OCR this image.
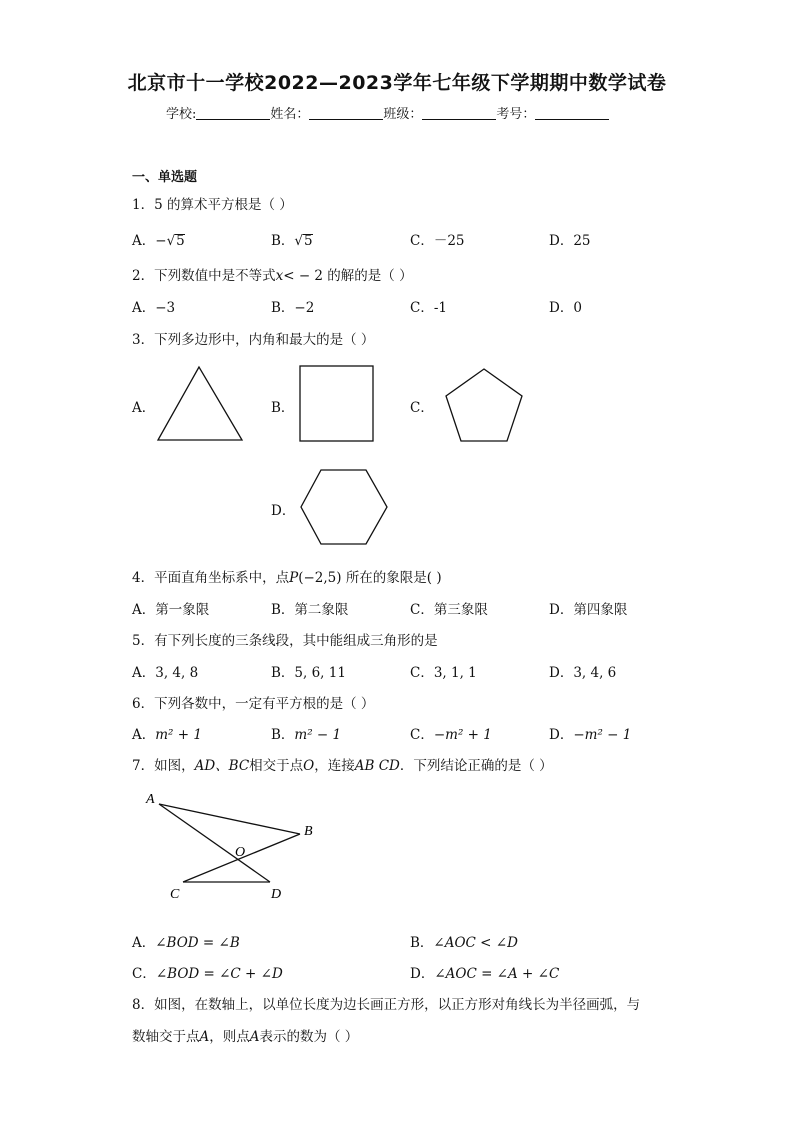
北京市十一学校2022—2023学年七年级下学期期中数学试卷
学校:	姓名：	班级：	考号：
一、单选题
1．5 的算术平方根是（ ）
A．−√5	B．√5	C．－25	D．25
2．下列数值中是不等式x< − 2 的解的是（ ）
A．−3	B．−2	C．-1	D．0
3．下列多边形中，内角和最大的是（ ）
A．	B．	C．
D．
4．平面直角坐标系中，点P(−2,5) 所在的象限是( )
A．第一象限	B．第二象限	C．第三象限	D．第四象限
5．有下列长度的三条线段，其中能组成三角形的是
A．3, 4, 8	B．5, 6, 11	C．3, 1, 1	D．3, 4, 6
6．下列各数中，一定有平方根的是（ ）
A．m² + 1	B．m² − 1	C．−m² + 1	D．−m² − 1
7．如图，AD、BC相交于点O，连接AB CD．下列结论正确的是（ ）
A
B
O
C	D
A．∠BOD = ∠B	B．∠AOC < ∠D
C．∠BOD = ∠C + ∠D	D．∠AOC = ∠A + ∠C
8．如图，在数轴上，以单位长度为边长画正方形，以正方形对角线长为半径画弧，与
数轴交于点A，则点A表示的数为（ ）
